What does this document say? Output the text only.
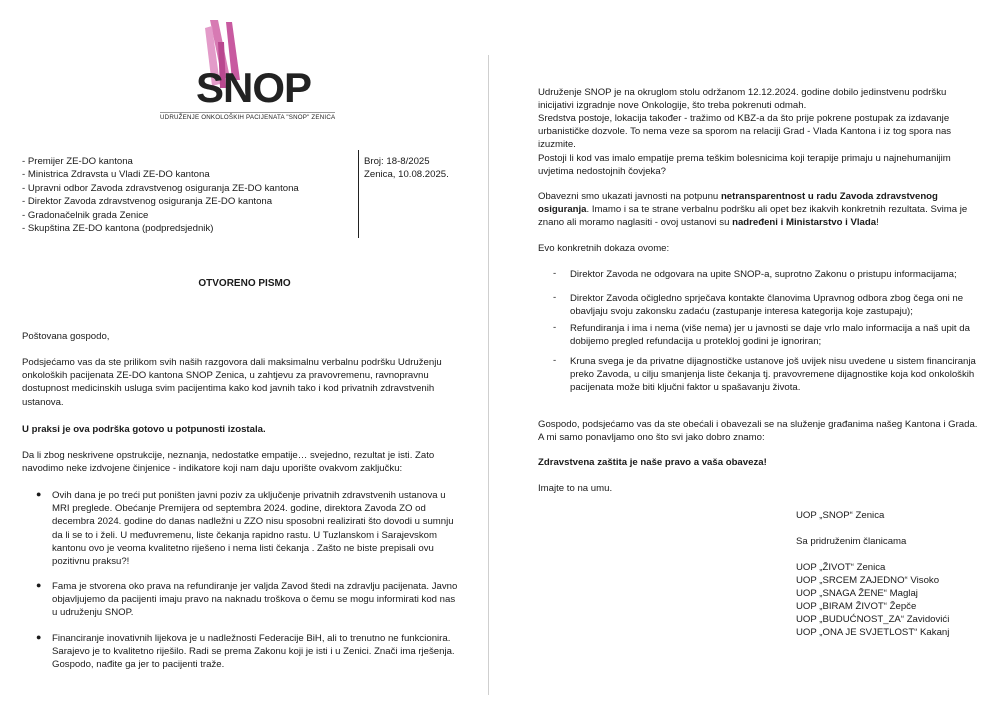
SNOP
UDRUŽENJE ONKOLOŠKIH PACIJENATA "SNOP" ZENICA
- Premijer ZE-DO kantona
- Ministrica Zdravsta u Vladi ZE-DO kantona
- Upravni odbor Zavoda zdravstvenog osiguranja ZE-DO kantona
- Direktor Zavoda zdravstvenog osiguranja ZE-DO kantona
- Gradonačelnik grada Zenice
- Skupština ZE-DO kantona (podpredsjednik)
Broj: 18-8/2025
Zenica, 10.08.2025.
OTVORENO PISMO
Poštovana gospodo,
Podsjećamo vas da ste prilikom svih naših razgovora dali maksimalnu verbalnu podršku Udruženju onkoloških pacijenata ZE-DO kantona SNOP Zenica, u zahtjevu za pravovremenu, ravnopravnu dostupnost medicinskih usluga svim pacijentima kako kod javnih tako i kod privatnih zdravstvenih ustanova.
U praksi je ova podrška gotovo u potpunosti izostala.
Da li zbog neskrivene opstrukcije, neznanja, nedostatke empatije… svejedno, rezultat je isti. Zato navodimo neke izdvojene činjenice - indikatore koji nam daju uporište ovakvom zaključku:
● Ovih dana je po treći put poništen javni poziv za uključenje privatnih zdravstvenih ustanova u MRI preglede. Obećanje Premijera od septembra 2024. godine, direktora Zavoda ZO od decembra 2024. godine do danas nadležni u ZZO nisu sposobni realizirati što dovodi u sumnju da li se to i želi. U međuvremenu, liste čekanja rapidno rastu. U Tuzlanskom i Sarajevskom kantonu ovo je veoma kvalitetno riješeno i nema listi čekanja . Zašto ne biste prepisali ovu pozitivnu praksu?!
● Fama je stvorena oko prava na refundiranje jer valjda Zavod štedi na zdravlju pacijenata. Javno objavljujemo da pacijenti imaju pravo na naknadu troškova o čemu se mogu informirati kod nas u udruženju SNOP.
● Financiranje inovativnih lijekova je u nadležnosti Federacije BiH, ali to trenutno ne funkcionira. Sarajevo je to kvalitetno riješilo. Radi se prema Zakonu koji je isti i u Zenici. Znači ima rješenja. Gospodo, nađite ga jer to pacijenti traže.
Udruženje SNOP je na okruglom stolu održanom 12.12.2024. godine dobilo jedinstvenu podršku inicijativi izgradnje nove Onkologije, što treba pokrenuti odmah.
Sredstva postoje, lokacija također - tražimo od KBZ-a da što prije pokrene postupak za izdavanje urbanističke dozvole. To nema veze sa sporom na relaciji Grad - Vlada Kantona i iz tog spora nas izuzmite.
Postoji li kod vas imalo empatije prema teškim bolesnicima koji terapije primaju u najnehumanijim uvjetima nedostojnih čovjeka?
Obavezni smo ukazati javnosti na potpunu netransparentnost u radu Zavoda zdravstvenog osiguranja. Imamo i sa te strane verbalnu podršku ali opet bez ikakvih konkretnih rezultata. Svima je znano ali moramo naglasiti - ovoj ustanovi su nadređeni i Ministarstvo i Vlada!
Evo konkretnih dokaza ovome:
- Direktor Zavoda ne odgovara na upite SNOP-a, suprotno Zakonu o pristupu informacijama;
- Direktor Zavoda očigledno sprječava kontakte članovima Upravnog odbora zbog čega oni ne obavljaju svoju zakonsku zadaću (zastupanje interesa kategorija koje zastupaju);
- Refundiranja i ima i nema (više nema) jer u javnosti se daje vrlo malo informacija a naš upit da dobijemo pregled refundacija u proteklој godini je ignoriran;
- Kruna svega je da privatne dijagnostičke ustanove još uvijek nisu uvedene u sistem financiranja preko Zavoda, u cilju smanjenja liste čekanja tj. pravovremene dijagnostike koja kod onkoloških pacijenata može biti ključni faktor u spašavanju života.
Gospodo, podsjećamo vas da ste obećali i obavezali se na služenje građanima našeg Kantona i Grada. A mi samo ponavljamo ono što svi jako dobro znamo:
Zdravstvena zaštita je naše pravo a vaša obaveza!
Imajte to na umu.
UOP „SNOP“ Zenica
Sa pridruženim članicama
UOP „ŽIVOT“ Zenica
UOP „SRCEM ZAJEDNO“ Visoko
UOP „SNAGA ŽENE“ Maglaj
UOP „BIRAM ŽIVOT“ Žepče
UOP „BUDUĆNOST_ZA“ Zavidovići
UOP „ONA JE SVJETLOST“ Kakanj
